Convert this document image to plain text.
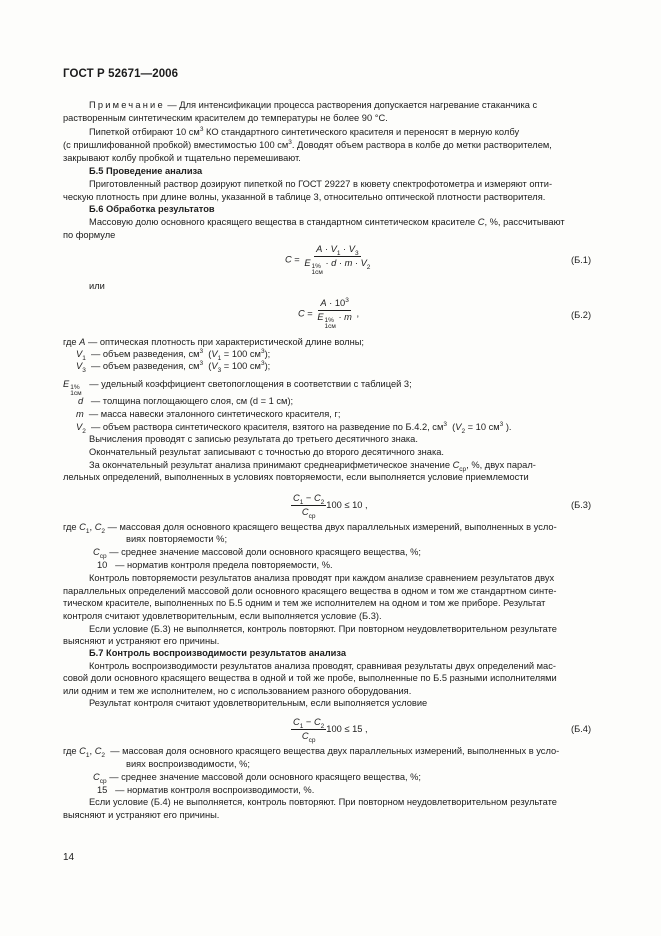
ГОСТ Р 52671—2006
Примечание — Для интенсификации процесса растворения допускается нагревание стаканчика с
растворенным синтетическим красителем до температуры не более 90 °С.
Пипеткой отбирают 10 $см^3$ КО стандартного синтетического красителя и переносят в мерную колбу
(с пришлифованной пробкой) вместимостью 100 $см^3$. Доводят объем раствора в колбе до метки растворителем,
закрывают колбу пробкой и тщательно перемешивают.
Б.5 Проведение анализа
Приготовленный раствор дозируют пипеткой по ГОСТ 29227 в кювету спектрофотометра и измеряют опти-
ческую плотность при длине волны, указанной в таблице 3, относительно оптической плотности растворителя.
Б.6 Обработка результатов
Массовую долю основного красящего вещества в стандартном синтетическом красителе С, %, рассчитывают
по формуле
$C = A \cdot V_1 \cdot V_3$
E 1%
1см
· $d \cdot m \cdot V_2$	(Б.1)
или
$C = A \cdot 10^3$
E 1%
1см
· m ,	(Б.2)
где А — оптическая плотность при характеристической длине волны;
$V_1$ — объем разведения, $см^3$  ($V_1 = 100$ $см^3$);
$V_3$ — объем разведения, $см^3$  ($V_3 = 100$ $см^3$);
E 1%
1см
— удельный коэффициент светопоглощения в соответствии с таблицей 3;
d — толщина поглощающего слоя, см (d = 1 см);
m — масса навески эталонного синтетического красителя, г;
$V_2$ — объем раствора синтетического красителя, взятого на разведение по Б.4.2, $см^3$  ($V_2 = 10$ $см^3$ ).
Вычисления проводят с записью результата до третьего десятичного знака.
Окончательный результат записывают с точностью до второго десятичного знака.
За окончательный результат анализа принимают среднеарифметическое значение $С_{ср}$, %, двух парал-
лельных определений, выполненных в условиях повторяемости, если выполняется условие приемлемости
$\frac{C_1 - C_2}{C_{ср}} 100 \le 10$ ,	(Б.3)
где $C_1$, $C_2$ — массовая доля основного красящего вещества двух параллельных измерений, выполненных в усло-
виях повторяемости %;
$C_{ср}$ — среднее значение массовой доли основного красящего вещества, %;
10 — норматив контроля предела повторяемости, %.
Контроль повторяемости результатов анализа проводят при каждом анализе сравнением результатов двух
параллельных определений массовой доли основного красящего вещества в одном и том же стандартном синте-
тическом красителе, выполненных по Б.5 одним и тем же исполнителем на одном и том же приборе. Результат
контроля считают удовлетворительным, если выполняется условие (Б.3).
Если условие (Б.3) не выполняется, контроль повторяют. При повторном неудовлетворительном результате
выясняют и устраняют его причины.
Б.7 Контроль воспроизводимости результатов анализа
Контроль воспроизводимости результатов анализа проводят, сравнивая результаты двух определений мас-
совой доли основного красящего вещества в одной и той же пробе, выполненные по Б.5 разными исполнителями
или одним и тем же исполнителем, но с использованием разного оборудования.
Результат контроля считают удовлетворительным, если выполняется условие
$\frac{C_1 - C_2}{C_{ср}} 100 \le 15$ ,	(Б.4)
где $C_1$, $C_2$ — массовая доля основного красящего вещества двух параллельных измерений, выполненных в усло-
виях воспроизводимости, %;
$C_{ср}$ — среднее значение массовой доли основного красящего вещества, %;
15 — норматив контроля воспроизводимости, %.
Если условие (Б.4) не выполняется, контроль повторяют. При повторном неудовлетворительном результате
выясняют и устраняют его причины.
14
